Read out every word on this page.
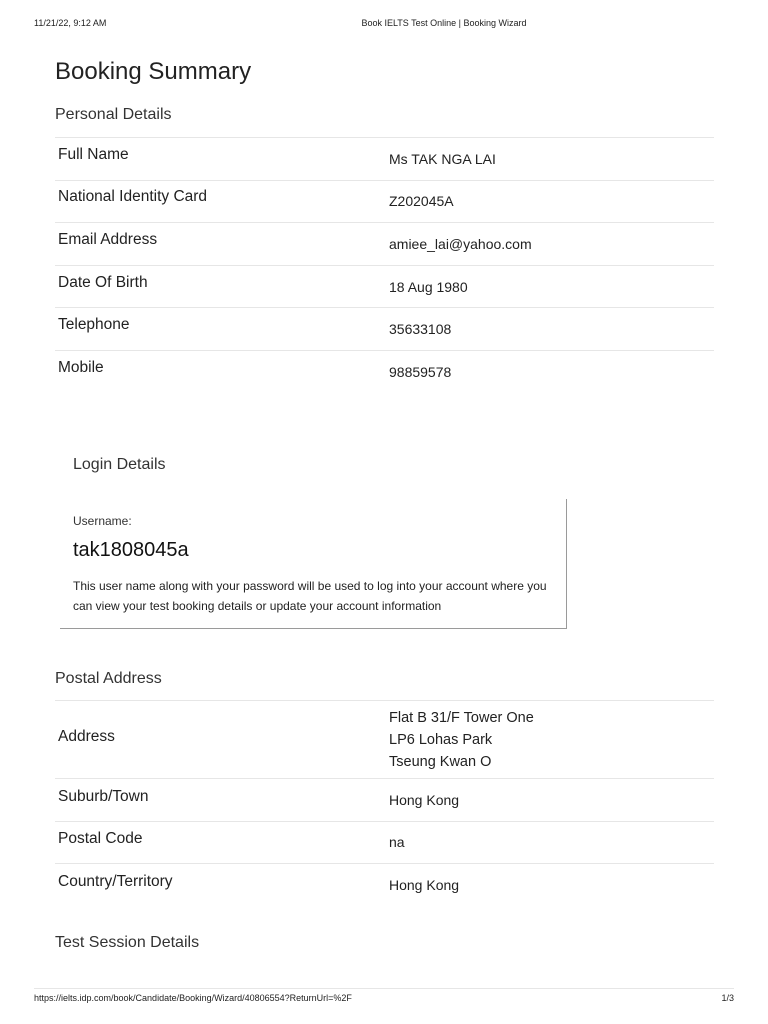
11/21/22, 9:12 AM	Book IELTS Test Online | Booking Wizard
Booking Summary
Personal Details
Full Name	Ms TAK NGA LAI
National Identity Card	Z202045A
Email Address	amiee_lai@yahoo.com
Date Of Birth	18 Aug 1980
Telephone	35633108
Mobile	98859578
Login Details
Username:
tak1808045a
This user name along with your password will be used to log into your account where you can view your test booking details or update your account information
Postal Address
Address	Flat B 31/F Tower One
LP6 Lohas Park
Tseung Kwan O

Suburb/Town	Hong Kong
Postal Code	na
Country/Territory	Hong Kong
Test Session Details
https://ielts.idp.com/book/Candidate/Booking/Wizard/40806554?ReturnUrl=%2F	1/3
